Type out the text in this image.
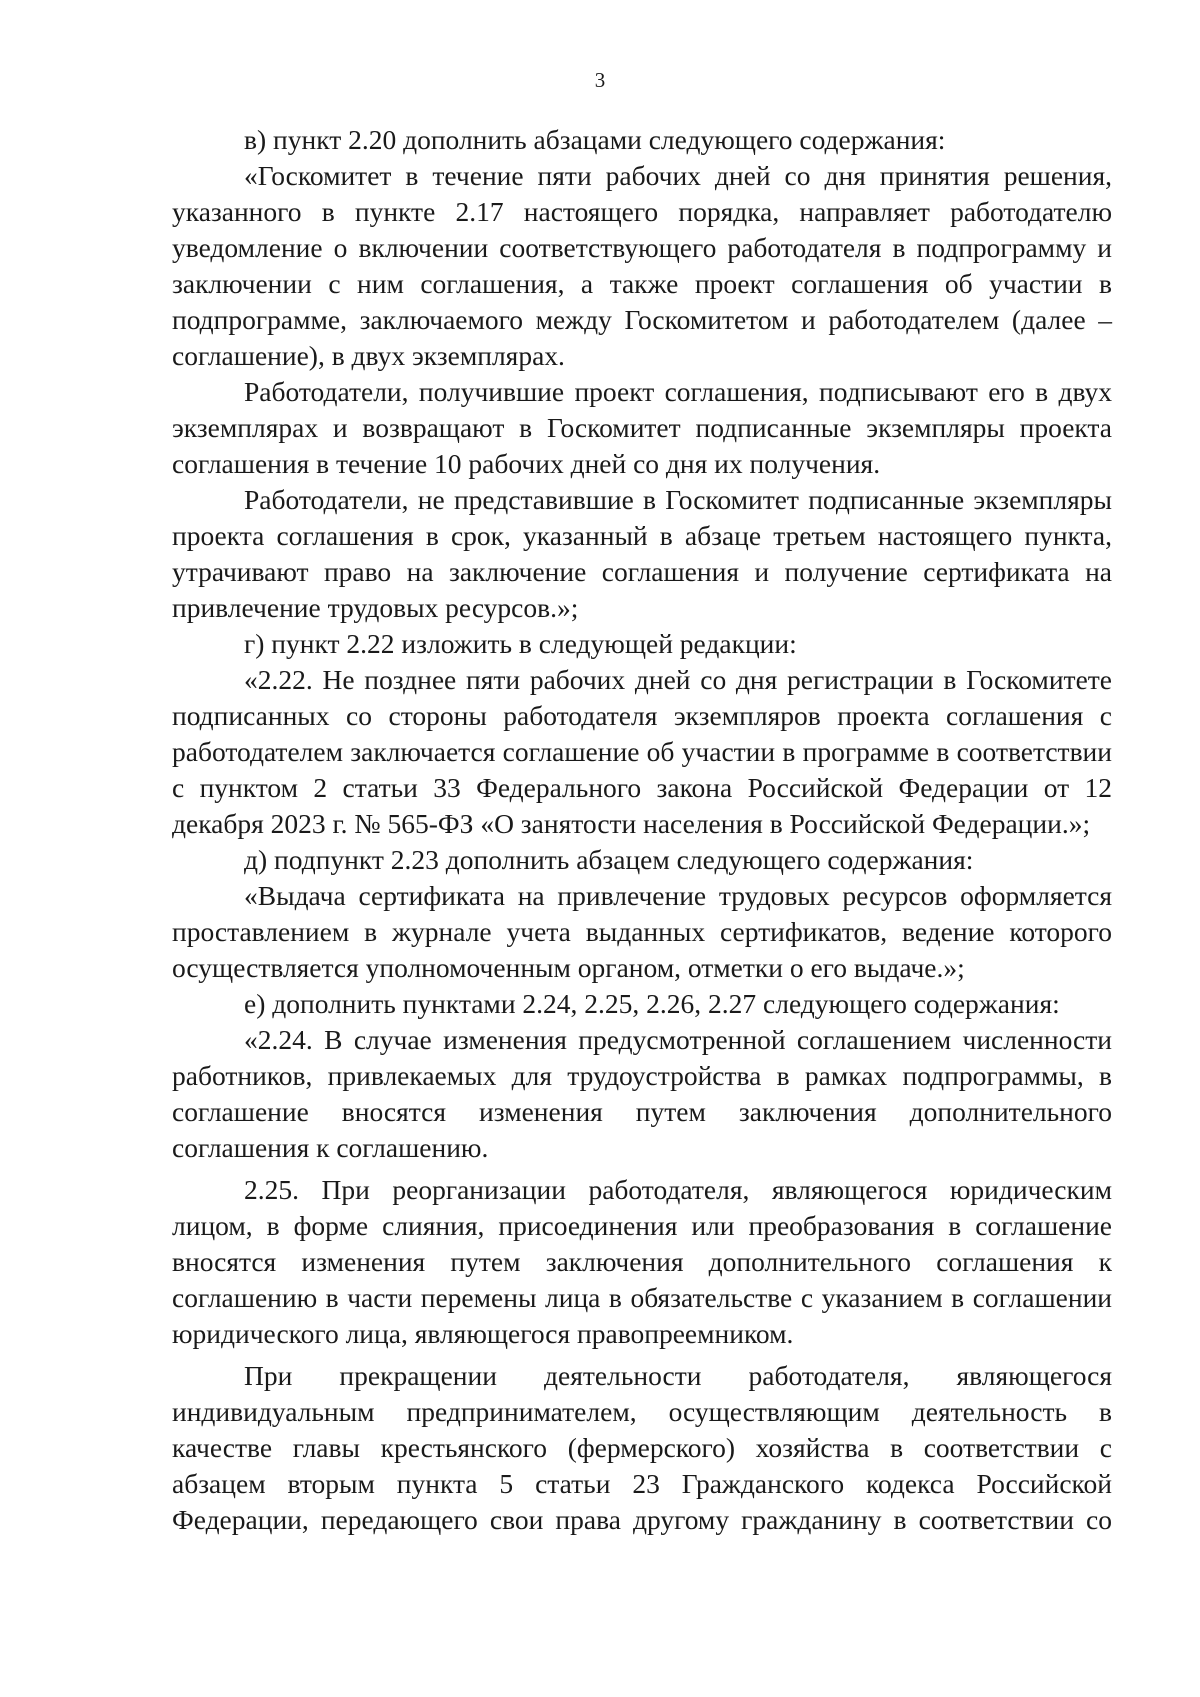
3

в) пункт 2.20 дополнить абзацами следующего содержания:

«Госкомитет в течение пяти рабочих дней со дня принятия решения, указанного в пункте 2.17 настоящего порядка, направляет работодателю уведомление о включении соответствующего работодателя в подпрограмму и заключении с ним соглашения, а также проект соглашения об участии в подпрограмме, заключаемого между Госкомитетом и работодателем (далее – соглашение), в двух экземплярах.

Работодатели, получившие проект соглашения, подписывают его в двух экземплярах и возвращают в Госкомитет подписанные экземпляры проекта соглашения в течение 10 рабочих дней со дня их получения.

Работодатели, не представившие в Госкомитет подписанные экземпляры проекта соглашения в срок, указанный в абзаце третьем настоящего пункта, утрачивают право на заключение соглашения и получение сертификата на привлечение трудовых ресурсов.»;

г) пункт 2.22 изложить в следующей редакции:

«2.22. Не позднее пяти рабочих дней со дня регистрации в Госкомитете подписанных со стороны работодателя экземпляров проекта соглашения с работодателем заключается соглашение об участии в программе в соответствии с пунктом 2 статьи 33 Федерального закона Российской Федерации от 12 декабря 2023 г. № 565-ФЗ «О занятости населения в Российской Федерации.»;

д) подпункт 2.23 дополнить абзацем следующего содержания:

«Выдача сертификата на привлечение трудовых ресурсов оформляется проставлением в журнале учета выданных сертификатов, ведение которого осуществляется уполномоченным органом, отметки о его выдаче.»;

е) дополнить пунктами 2.24, 2.25, 2.26, 2.27 следующего содержания:

«2.24. В случае изменения предусмотренной соглашением численности работников, привлекаемых для трудоустройства в рамках подпрограммы, в соглашение вносятся изменения путем заключения дополнительного соглашения к соглашению.

2.25. При реорганизации работодателя, являющегося юридическим лицом, в форме слияния, присоединения или преобразования в соглашение вносятся изменения путем заключения дополнительного соглашения к соглашению в части перемены лица в обязательстве с указанием в соглашении юридического лица, являющегося правопреемником.

При прекращении деятельности работодателя, являющегося индивидуальным предпринимателем, осуществляющим деятельность в качестве главы крестьянского (фермерского) хозяйства в соответствии с абзацем вторым пункта 5 статьи 23 Гражданского кодекса Российской Федерации, передающего свои права другому гражданину в соответствии со
